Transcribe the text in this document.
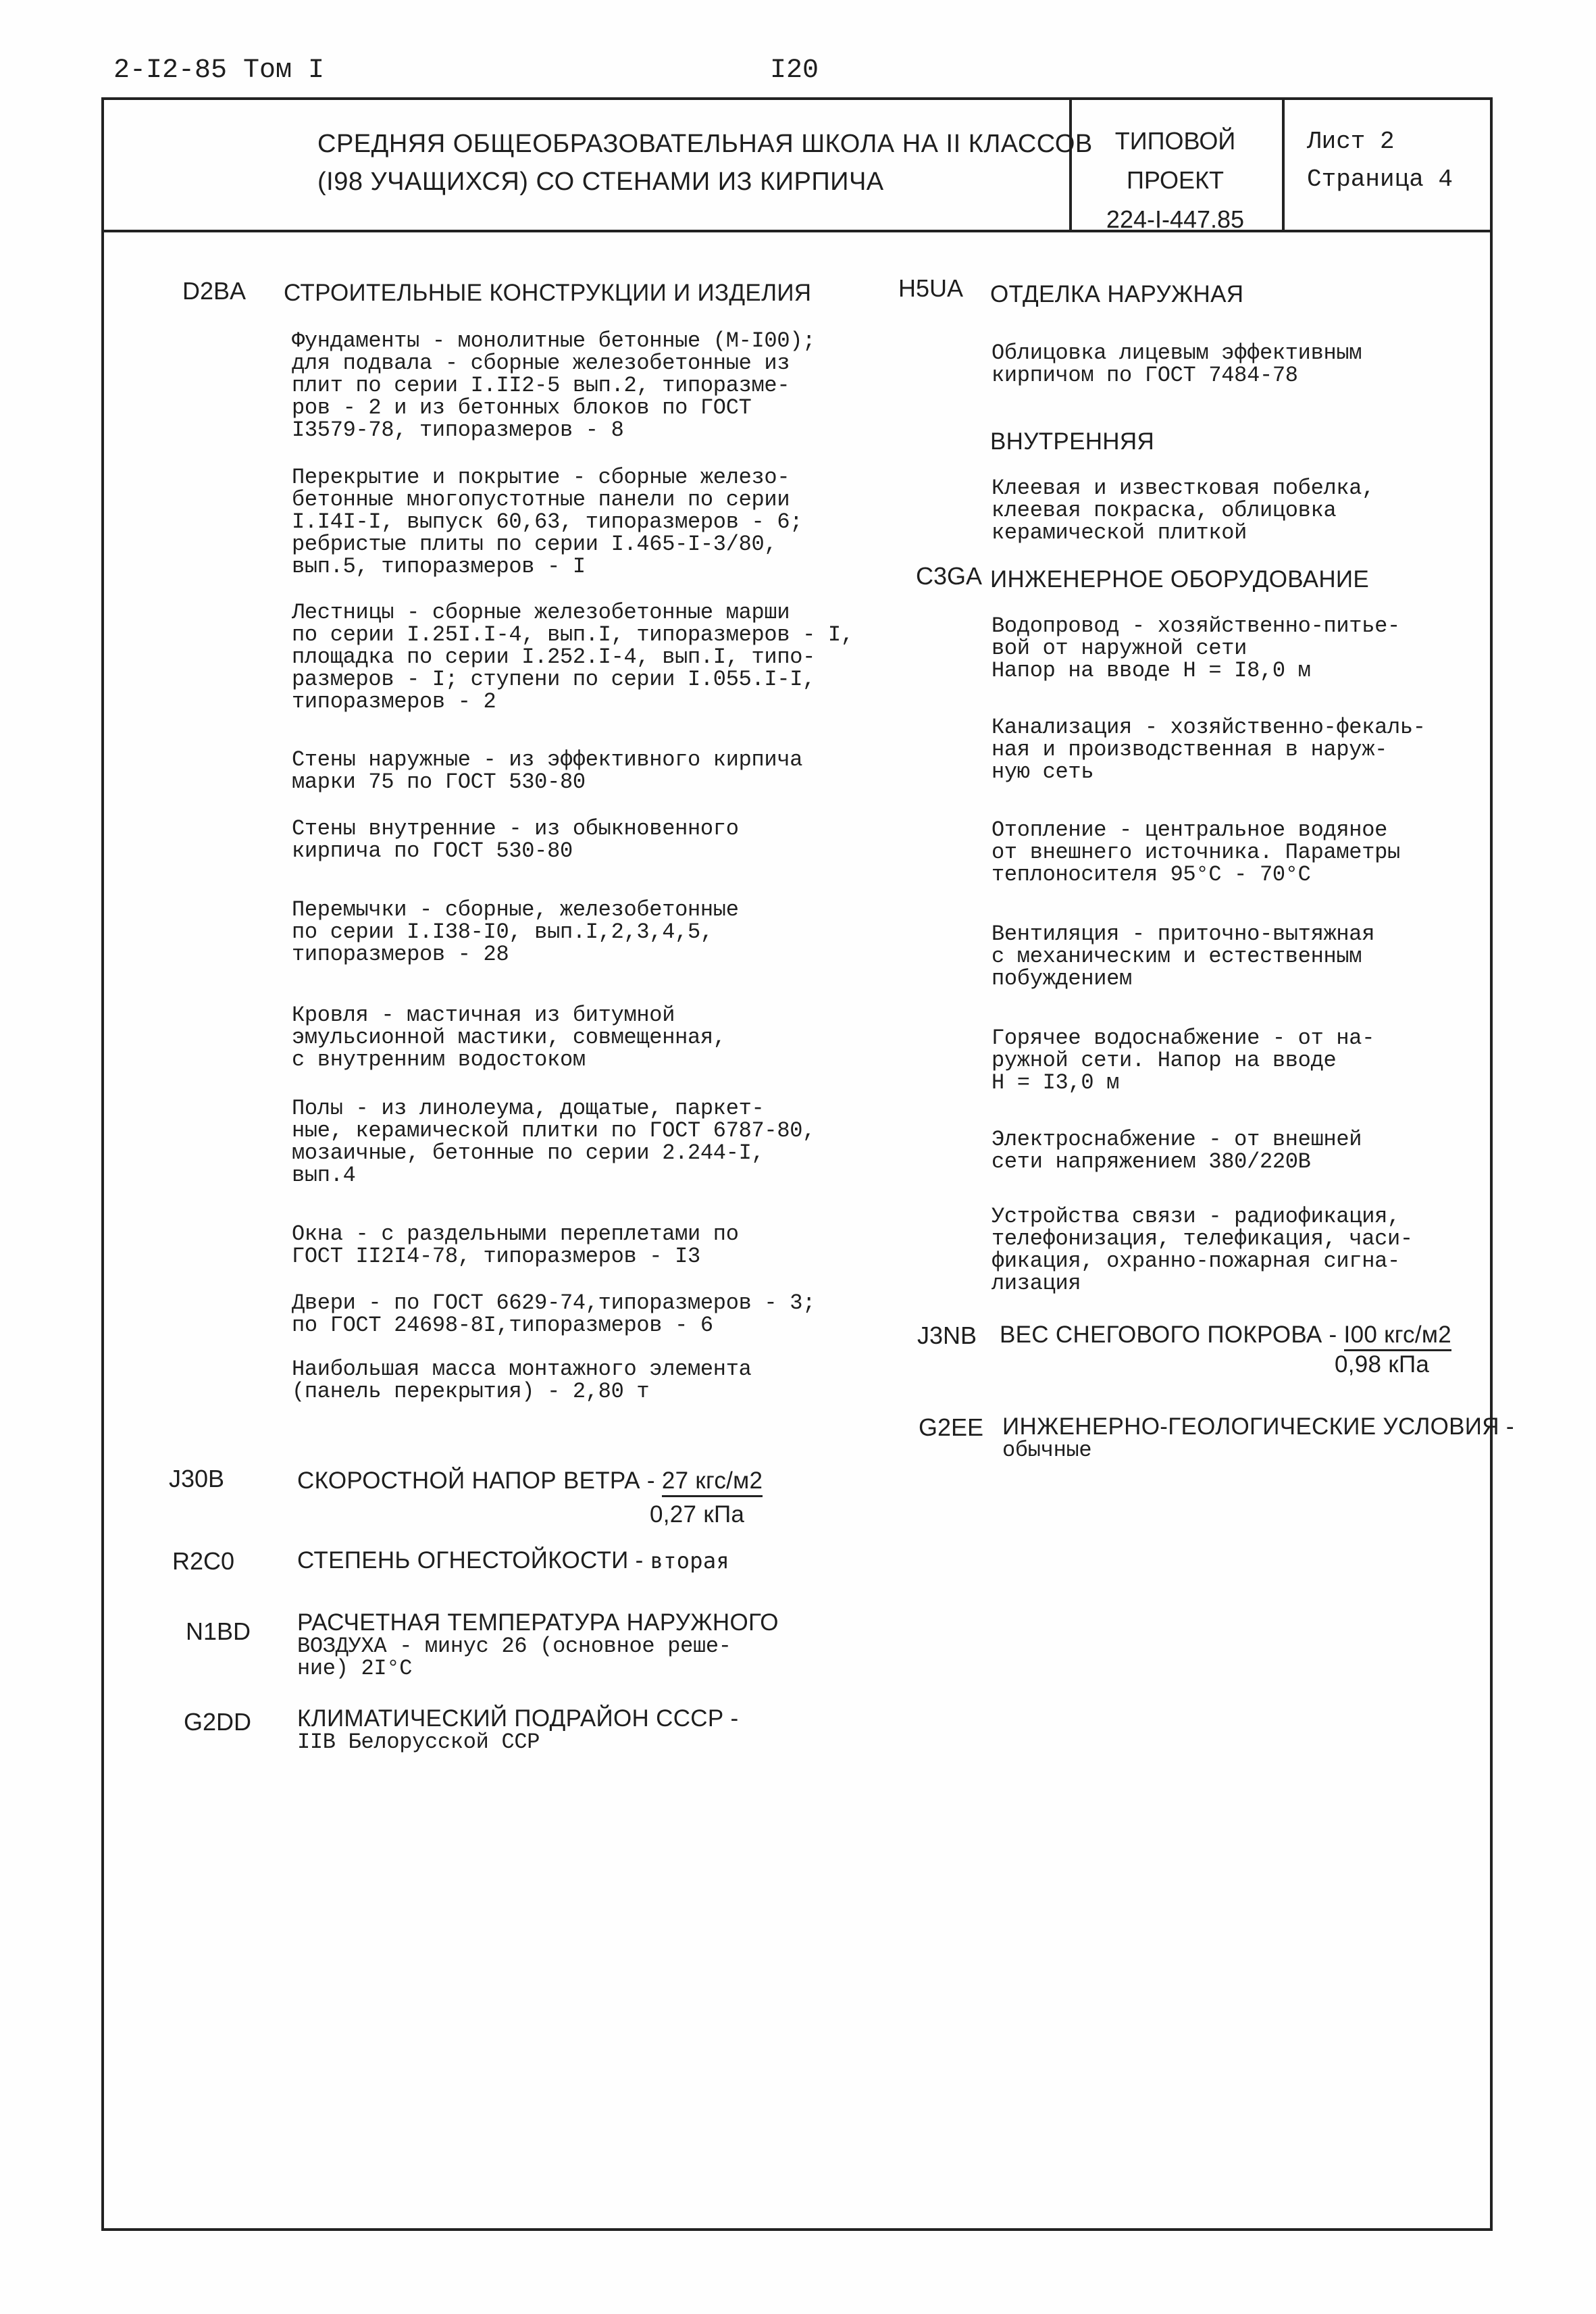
2-I2-85 Том I	I20
СРЕДНЯЯ ОБЩЕОБРАЗОВАТЕЛЬНАЯ ШКОЛА НА II КЛАССОВ
(I98 УЧАЩИХСЯ) СО СТЕНАМИ ИЗ КИРПИЧА
ТИПОВОЙ ПРОЕКТ
224-I-447.85
Лист 2
Страница 4
D2BA СТРОИТЕЛЬНЫЕ КОНСТРУКЦИИ И ИЗДЕЛИЯ
Фундаменты - монолитные бетонные (М-I00);
для подвала - сборные железобетонные из
плит по серии I.II2-5 вып.2, типоразме-
ров - 2 и из бетонных блоков по ГОСТ
I3579-78, типоразмеров - 8
Перекрытие и покрытие - сборные железо-
бетонные многопустотные панели по серии
I.I4I-I, выпуск 60,63, типоразмеров - 6;
ребристые плиты по серии I.465-I-3/80,
вып.5, типоразмеров - I
Лестницы - сборные железобетонные марши
по серии I.25I.I-4, вып.I, типоразмеров - I,
площадка по серии I.252.I-4, вып.I, типо-
размеров - I; ступени по серии I.055.I-I,
типоразмеров - 2
Стены наружные - из эффективного кирпича
марки 75 по ГОСТ 530-80
Стены внутренние - из обыкновенного
кирпича по ГОСТ 530-80
Перемычки - сборные, железобетонные
по серии I.I38-I0, вып.I,2,3,4,5,
типоразмеров - 28
Кровля - мастичная из битумной
эмульсионной мастики, совмещенная,
с внутренним водостоком
Полы - из линолеума, дощатые, паркет-
ные, керамической плитки по ГОСТ 6787-80,
мозаичные, бетонные по серии 2.244-I,
вып.4
Окна - с раздельными переплетами по
ГОСТ II2I4-78, типоразмеров - I3
Двери - по ГОСТ 6629-74,типоразмеров - 3;
по ГОСТ 24698-8I,типоразмеров - 6
Наибольшая масса монтажного элемента
(панель перекрытия) - 2,80 т
J30B	СКОРОСТНОЙ НАПОР ВЕТРА - 27 кгс/м2
0,27 кПа
R2C0	СТЕПЕНЬ ОГНЕСТОЙКОСТИ - вторая
N1BD РАСЧЕТНАЯ ТЕМПЕРАТУРА НАРУЖНОГО
ВОЗДУХА - минус 26 (основное реше-
ние) 2I°С
G2DD КЛИМАТИЧЕСКИЙ ПОДРАЙОН СССР -
IIВ Белорусской ССР
H5UA ОТДЕЛКА НАРУЖНАЯ
Облицовка лицевым эффективным
кирпичом по ГОСТ 7484-78
ВНУТРЕННЯЯ
Клеевая и известковая побелка,
клеевая покраска, облицовка
керамической плиткой
C3GA ИНЖЕНЕРНОЕ ОБОРУДОВАНИЕ
Водопровод - хозяйственно-питье-
вой от наружной сети
Напор на вводе Н = I8,0 м
Канализация - хозяйственно-фекаль-
ная и производственная в наруж-
ную сеть
Отопление - центральное водяное
от внешнего источника. Параметры
теплоносителя 95°С - 70°С
Вентиляция - приточно-вытяжная
с механическим и естественным
побуждением
Горячее водоснабжение - от на-
ружной сети. Напор на вводе
Н = I3,0 м
Электроснабжение - от внешней
сети напряжением 380/220В
Устройства связи - радиофикация,
телефонизация, телефикация, часи-
фикация, охранно-пожарная сигна-
лизация
J3NB ВЕС СНЕГОВОГО ПОКРОВА - I00 кгс/м2
0,98 кПа
G2EE ИНЖЕНЕРНО-ГЕОЛОГИЧЕСКИЕ УСЛОВИЯ -
обычные
